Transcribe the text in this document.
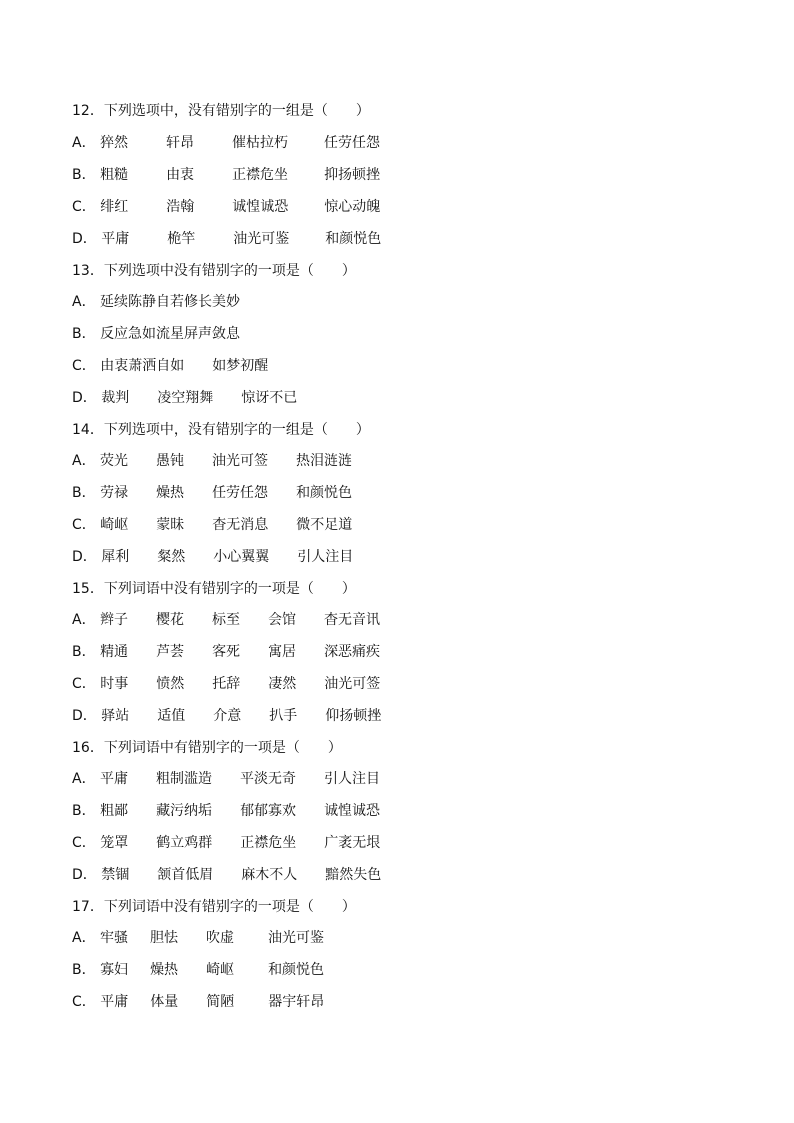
12．下列选项中，没有错别字的一组是（　　）
A． 猝然	轩昂	催枯拉朽	任劳任怨
B． 粗糙	由衷	正襟危坐	抑扬顿挫
C． 绯红	浩翰	诚惶诚恐	惊心动魄
D． 平庸	桅竿	油光可鉴	和颜悦色
13．下列选项中没有错别字的一项是（　　）
A． 延续陈静自若修长美妙
B． 反应急如流星屏声敛息
C． 由衷萧洒自如 如梦初醒
D． 裁判 凌空翔舞 惊讶不已
14．下列选项中，没有错别字的一组是（　　）
A． 荧光 愚钝 油光可签 热泪涟涟
B． 劳禄 燥热 任劳任怨 和颜悦色
C． 崎岖 蒙昧 杳无消息 微不足道
D． 犀利 粲然 小心翼翼 引人注目
15．下列词语中没有错别字的一项是（　　）
A． 辫子 樱花 标至 会馆 杳无音讯
B． 精通 芦荟 客死 寓居 深恶痛疾
C． 时事 愤然 托辞 凄然 油光可签
D． 驿站 适值 介意 扒手 仰扬顿挫
16．下列词语中有错别字的一项是（　　）
A． 平庸 粗制滥造 平淡无奇 引人注目
B． 粗鄙 藏污纳垢 郁郁寡欢 诚惶诚恐
C． 笼罩 鹤立鸡群 正襟危坐 广袤无垠
D． 禁锢 颔首低眉 麻木不人 黯然失色
17．下列词语中没有错别字的一项是（　　）
A． 牢骚 胆怯 吹虚 油光可鉴
B． 寡妇 燥热 崎岖 和颜悦色
C． 平庸 体量 简陋 器宇轩昂
